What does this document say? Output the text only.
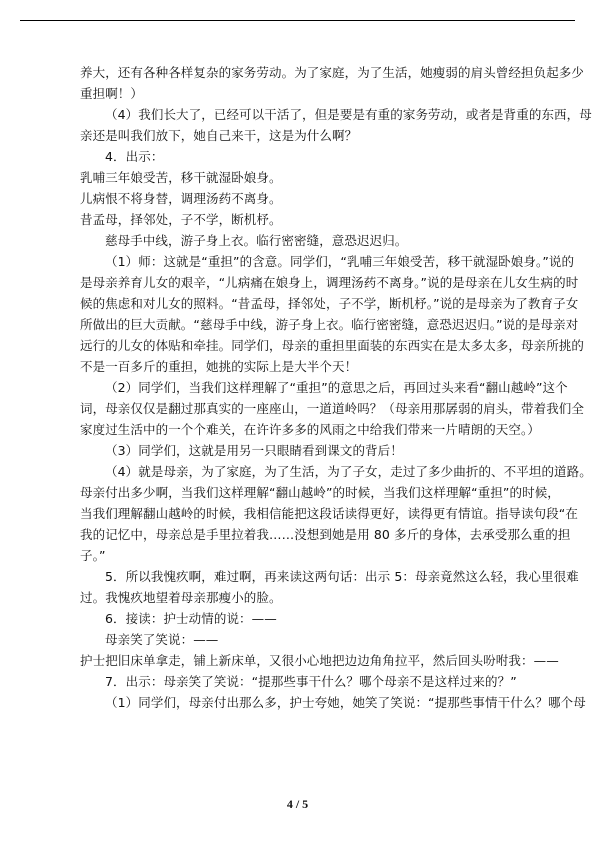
养大，还有各种各样复杂的家务劳动。为了家庭，为了生活，她瘦弱的肩头曾经担负起多少

重担啊！）

（4）我们长大了，已经可以干活了，但是要是有重的家务劳动，或者是背重的东西，母

亲还是叫我们放下，她自己来干，这是为什么啊？

4．出示：

乳哺三年娘受苦，移干就湿卧娘身。

儿病恨不将身替，调理汤药不离身。

昔孟母，择邻处，子不学，断机杼。

慈母手中线，游子身上衣。临行密密缝，意恐迟迟归。

（1）师：这就是“重担”的含意。同学们，“乳哺三年娘受苦，移干就湿卧娘身。”说的

是母亲养育儿女的艰辛，“儿病痛在娘身上，调理汤药不离身。”说的是母亲在儿女生病的时

候的焦虑和对儿女的照料。“昔孟母，择邻处，子不学，断机杼。”说的是母亲为了教育子女

所做出的巨大贡献。“慈母手中线，游子身上衣。临行密密缝，意恐迟迟归。”说的是母亲对

远行的儿女的体贴和牵挂。同学们，母亲的重担里面装的东西实在是太多太多，母亲所挑的

不是一百多斤的重担，她挑的实际上是大半个天！

（2）同学们，当我们这样理解了“重担”的意思之后，再回过头来看“翻山越岭”这个

词，母亲仅仅是翻过那真实的一座座山，一道道岭吗？（母亲用那孱弱的肩头，带着我们全

家度过生活中的一个个难关，在许许多多的风雨之中给我们带来一片晴朗的天空。）

（3）同学们，这就是用另一只眼睛看到课文的背后！

（4）就是母亲，为了家庭，为了生活，为了子女，走过了多少曲折的、不平坦的道路。

母亲付出多少啊，当我们这样理解“翻山越岭”的时候，当我们这样理解“重担”的时候，

当我们理解翻山越岭的时候，我相信能把这段话读得更好，读得更有情谊。指导读句段“在

我的记忆中，母亲总是手里拉着我……没想到她是用 80 多斤的身体，去承受那么重的担

子。”

5．所以我愧疚啊，难过啊，再来读这两句话：出示 5：母亲竟然这么轻，我心里很难

过。我愧疚地望着母亲那瘦小的脸。

6．接读：护士动情的说：——

母亲笑了笑说：——

护士把旧床单拿走，铺上新床单，又很小心地把边边角角拉平，然后回头吩咐我：——

7．出示：母亲笑了笑说：“提那些事干什么？哪个母亲不是这样过来的？”

（1）同学们，母亲付出那么多，护士夸她，她笑了笑说：“提那些事情干什么？哪个母

4 / 5
